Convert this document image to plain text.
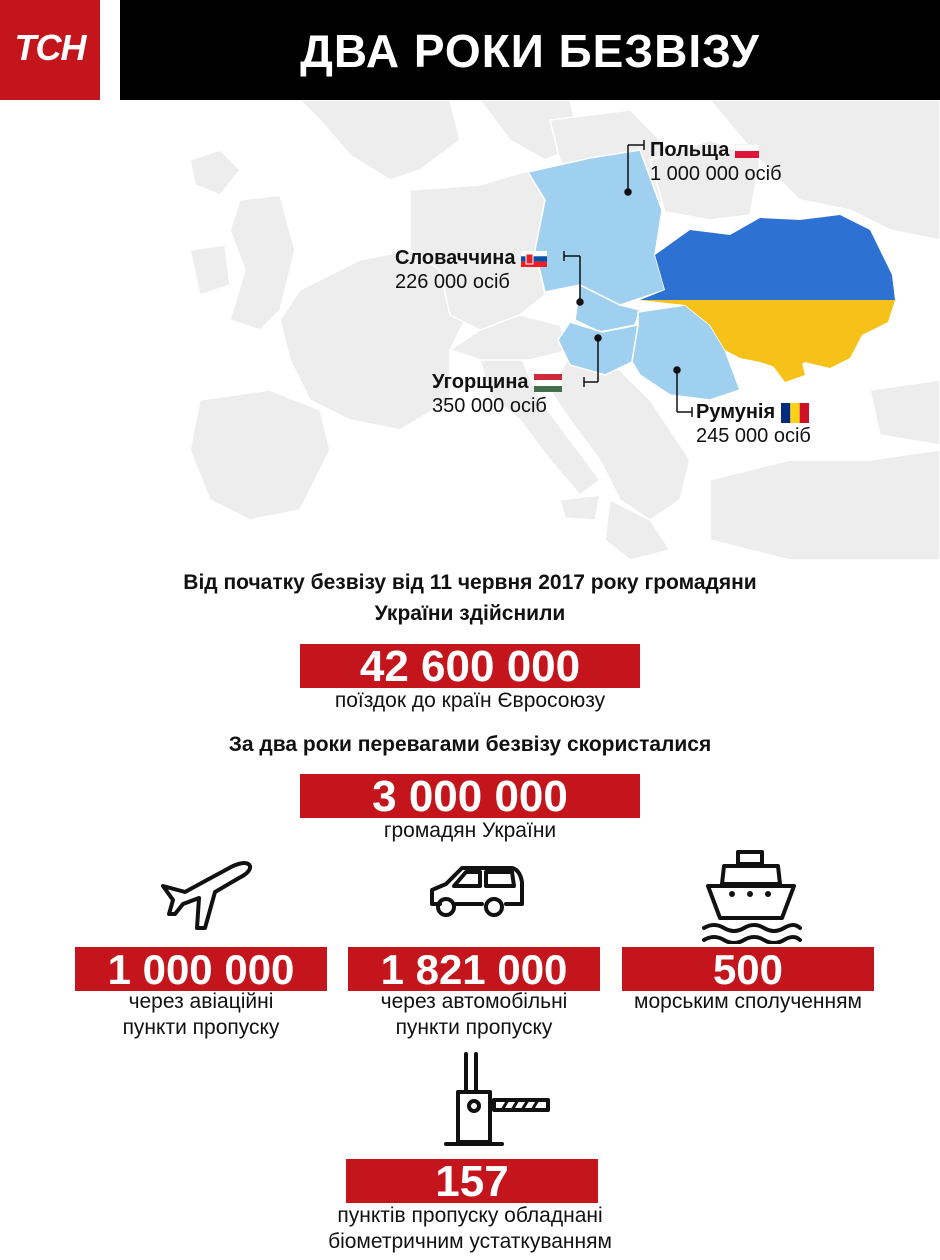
ТСН	ДВА РОКИ БЕЗВІЗУ
Польща
1 000 000 осіб
Словаччина
226 000 осіб
Угорщина
350 000 осіб	Румунія
245 000 осіб
Від початку безвізу від 11 червня 2017 року громадяни
України здійснили
42 600 000
поїздок до країн Євросоюзу
За два роки перевагами безвізу скористалися
3 000 000
громадян України
1 000 000
через авіаційні
пункти пропуску
1 821 000
через автомобільні
пункти пропуску
500
морським сполученням
157
пунктів пропуску обладнані
біометричним устаткуванням
